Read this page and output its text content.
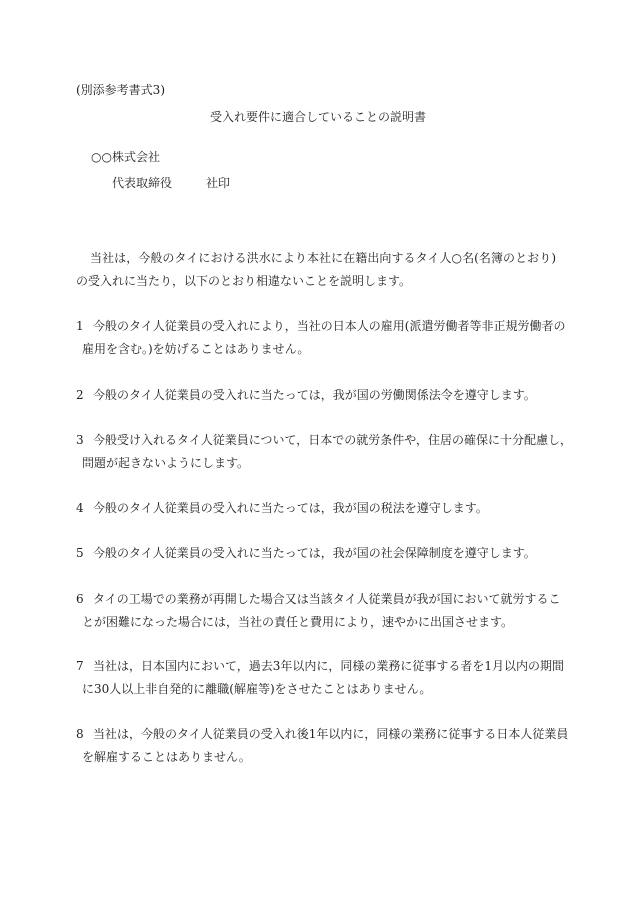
(別添参考書式3)
受入れ要件に適合していることの説明書
○○株式会社
代表取締役	社印
当社は，今般のタイにおける洪水により本社に在籍出向するタイ人○名(名簿のとおり)
の受入れに当たり，以下のとおり相違ないことを説明します。
1 今般のタイ人従業員の受入れにより，当社の日本人の雇用(派遣労働者等非正規労働者の
雇用を含む。)を妨げることはありません。
2 今般のタイ人従業員の受入れに当たっては，我が国の労働関係法令を遵守します。
3 今般受け入れるタイ人従業員について，日本での就労条件や，住居の確保に十分配慮し，
問題が起きないようにします。
4 今般のタイ人従業員の受入れに当たっては，我が国の税法を遵守します。
5 今般のタイ人従業員の受入れに当たっては，我が国の社会保障制度を遵守します。
6 タイの工場での業務が再開した場合又は当該タイ人従業員が我が国において就労するこ
とが困難になった場合には，当社の責任と費用により，速やかに出国させます。
7 当社は，日本国内において，過去3年以内に，同様の業務に従事する者を1月以内の期間
に30人以上非自発的に離職(解雇等)をさせたことはありません。
8 当社は，今般のタイ人従業員の受入れ後1年以内に，同様の業務に従事する日本人従業員
を解雇することはありません。
